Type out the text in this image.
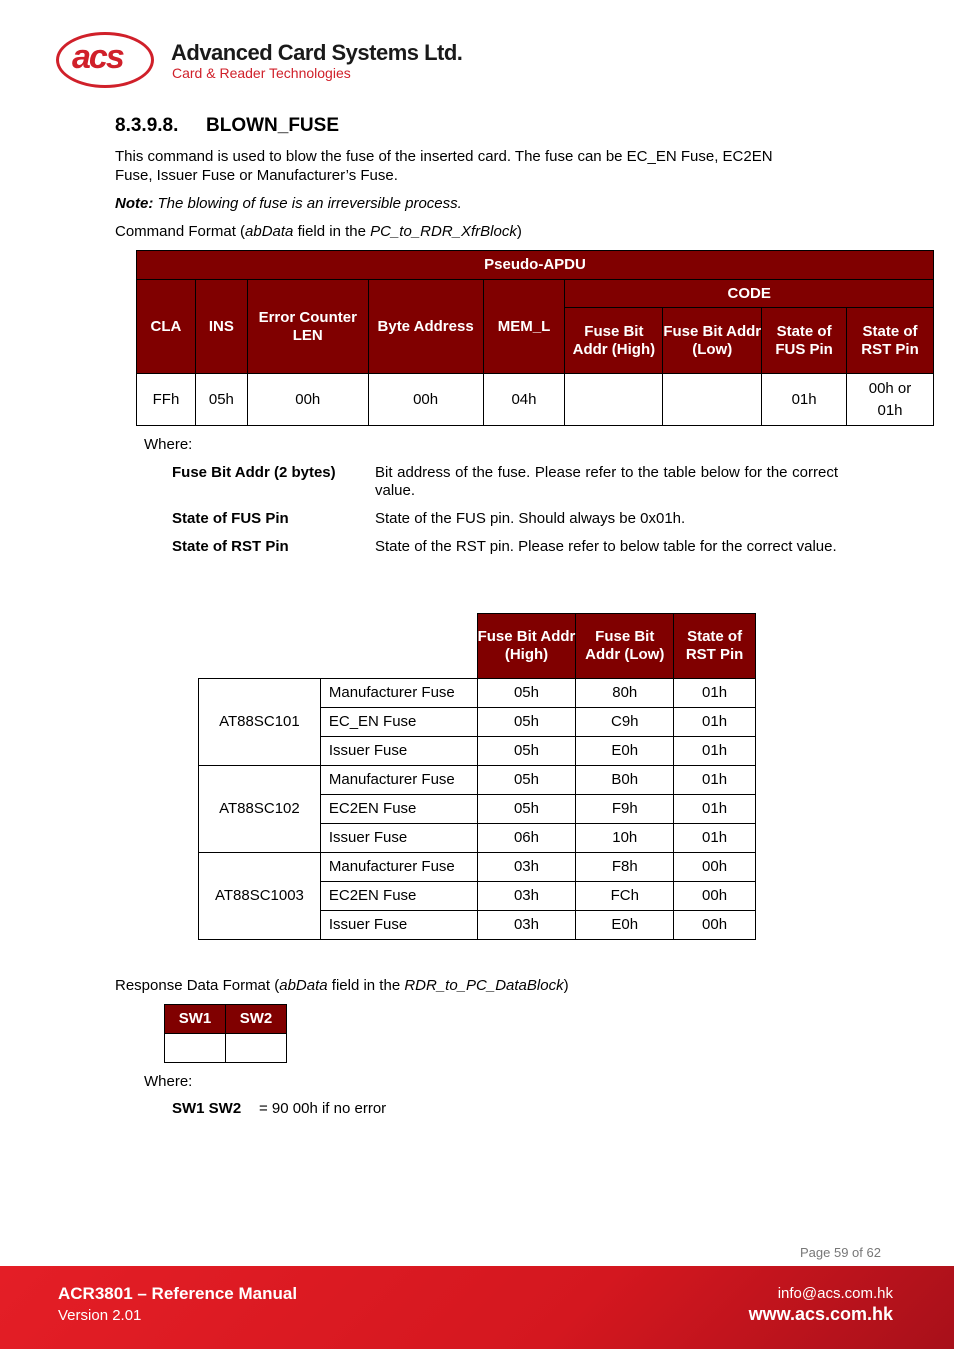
acs Advanced Card Systems Ltd.
Card & Reader Technologies
8.3.9.8. BLOWN_FUSE

This command is used to blow the fuse of the inserted card. The fuse can be EC_EN Fuse, EC2EN
Fuse, Issuer Fuse or Manufacturer’s Fuse.

Note: The blowing of fuse is an irreversible process.

Command Format (abData field in the PC_to_RDR_XfrBlock)

Pseudo-APDU								
CLA	INS	Error Counter LEN	Byte Address	MEM_L	CODE			
					Fuse Bit Addr (High)	Fuse Bit Addr (Low)	State of FUS Pin	State of RST Pin
FFh	05h	00h	00h	04h			01h	00h or 01h
Where:
Fuse Bit Addr (2 bytes)	Bit address of the fuse. Please refer to the table below for the correct value.
State of FUS Pin	State of the FUS pin. Should always be 0x01h.
State of RST Pin	State of the RST pin. Please refer to below table for the correct value.
		Fuse Bit Addr (High)	Fuse Bit Addr (Low)	State of RST Pin
AT88SC101	Manufacturer Fuse	05h	80h	01h
	EC_EN Fuse	05h	C9h	01h
	Issuer Fuse	05h	E0h	01h
AT88SC102	Manufacturer Fuse	05h	B0h	01h
	EC2EN Fuse	05h	F9h	01h
	Issuer Fuse	06h	10h	01h
AT88SC1003	Manufacturer Fuse	03h	F8h	00h
	EC2EN Fuse	03h	FCh	00h
	Issuer Fuse	03h	E0h	00h

Response Data Format (abData field in the RDR_to_PC_DataBlock)

SW1	SW2

Where:
SW1 SW2 = 90 00h if no error
Page 59 of 62
ACR3801 – Reference Manual
Version 2.01
info@acs.com.hk
www.acs.com.hk
